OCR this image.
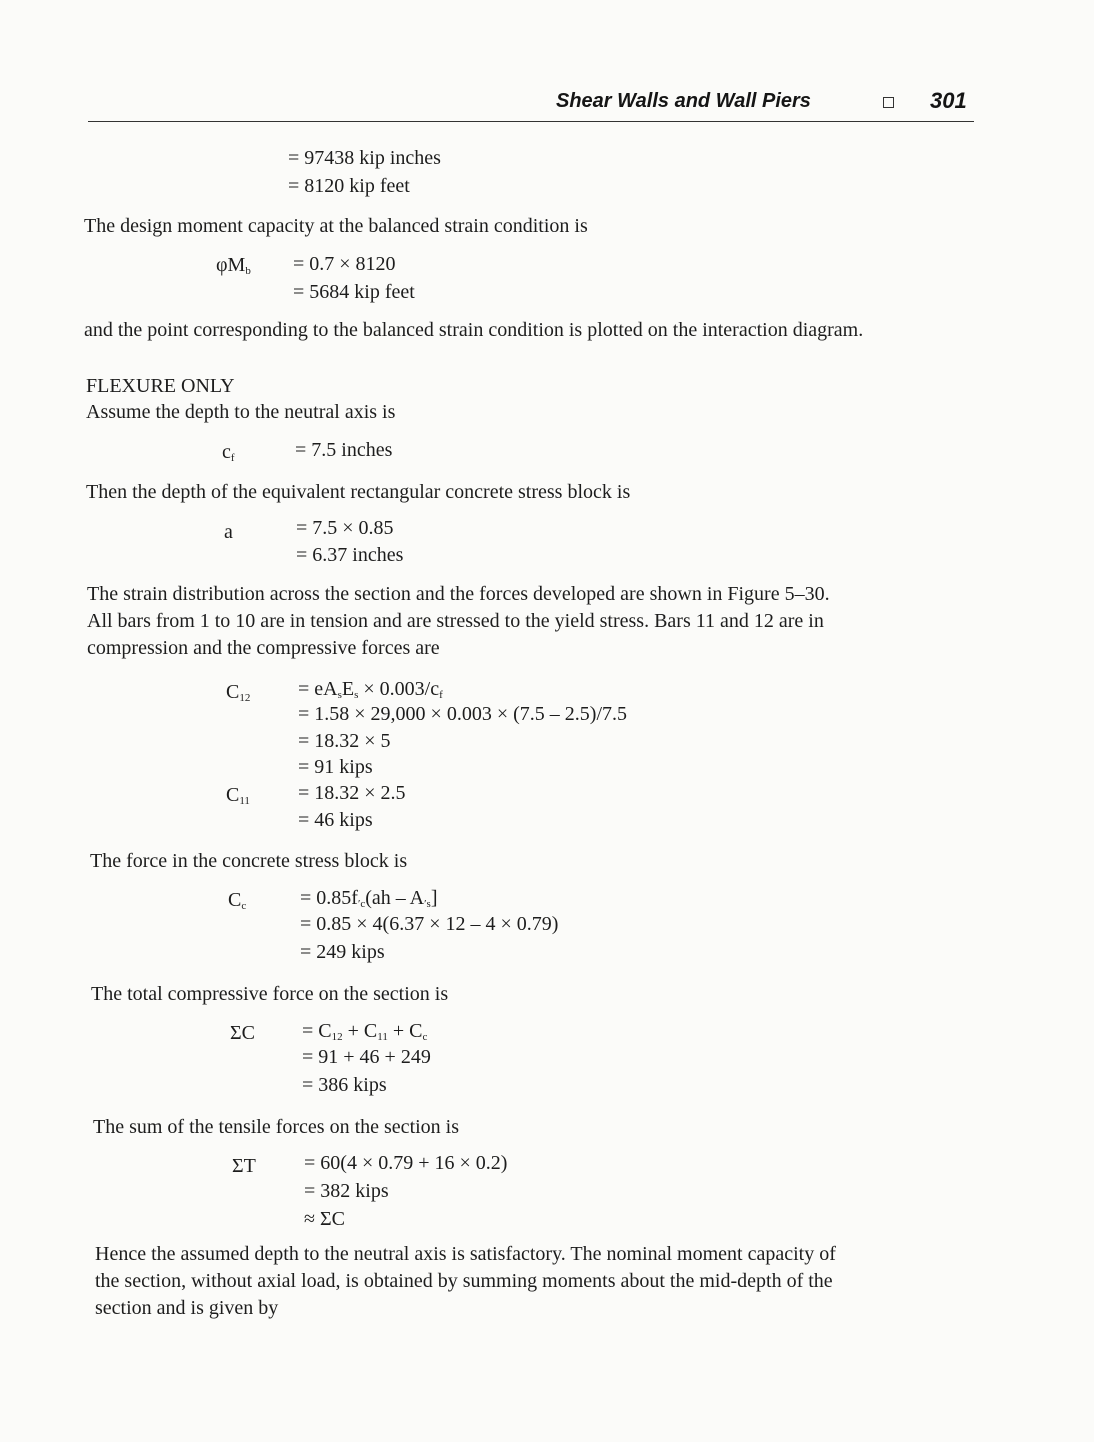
Shear Walls and Wall Piers	301
= 97438 kip inches
= 8120 kip feet
The design moment capacity at the balanced strain condition is
$\varphi M_b = 0.7 \times 8120$
= 5684 kip feet
and the point corresponding to the balanced strain condition is plotted on the interaction diagram.
FLEXURE ONLY
Assume the depth to the neutral axis is
$c_f$	= 7.5 inches
Then the depth of the equivalent rectangular concrete stress block is
a	= 7.5 × 0.85
= 6.37 inches
The strain distribution across the section and the forces developed are shown in Figure 5–30.
All bars from 1 to 10 are in tension and are stressed to the yield stress. Bars 11 and 12 are in
compression and the compressive forces are
$C_{12} = eA_sE_s \times 0.003/c_f$
= 1.58 × 29,000 × 0.003 × (7.5 – 2.5)/7.5
= 18.32 × 5
= 91 kips
$C_{11} = 18.32 \times 2.5$
= 46 kips
The force in the concrete stress block is
$C_c$	= $0.85f_{'c}(ah - A_{'s}]$
= 0.85 × 4(6.37 × 12 – 4 × 0.79)
= 249 kips
The total compressive force on the section is
$\Sigma C = C_{12} + C_{11} + C_c$
= 91 + 46 + 249
= 386 kips
The sum of the tensile forces on the section is
ΣT = 60(4 × 0.79 + 16 × 0.2)
= 382 kips
≈ ΣC
Hence the assumed depth to the neutral axis is satisfactory. The nominal moment capacity of
the section, without axial load, is obtained by summing moments about the mid-depth of the
section and is given by
